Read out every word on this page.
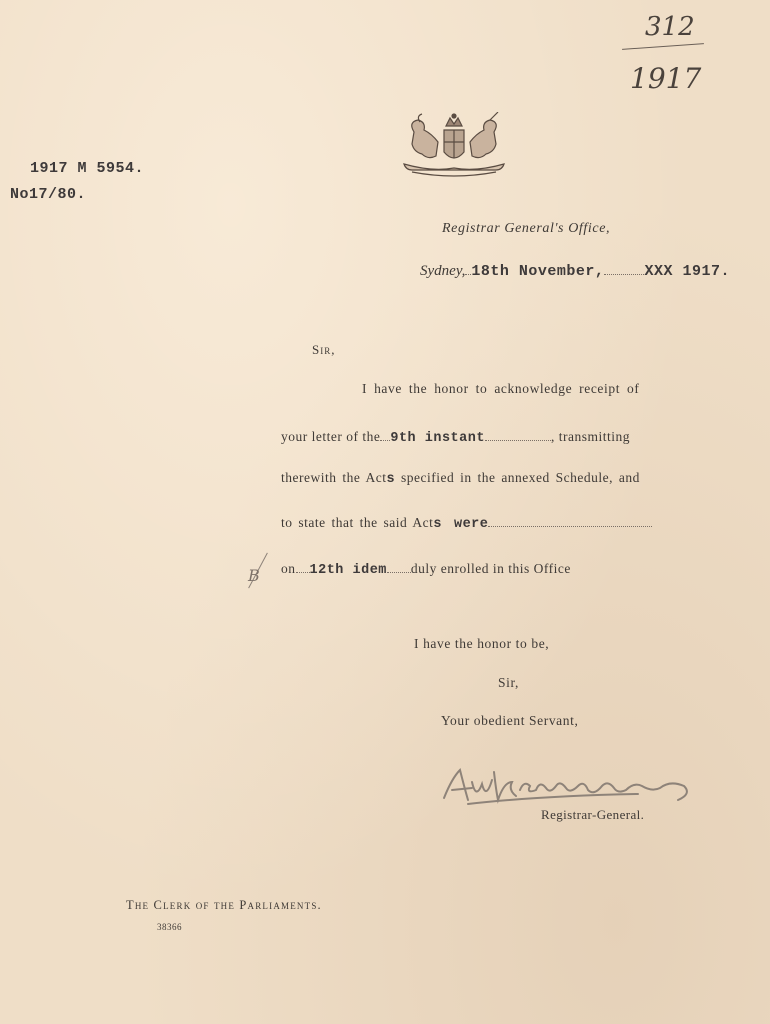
312
1917
1917 M 5954.
No17/80.
Registrar General's Office,
Sydney, 18th November,	XXX 1917.
Sir,
I have the honor to acknowledge receipt of
your letter of the 9th instant	, transmitting
therewith the Acts specified in the annexed Schedule, and
to state that the said Acts were
on 12th idem duly enrolled in this Office
B
I have the honor to be,
Sir,
Your obedient Servant,
Registrar-General.
The Clerk of the Parliaments.
38366
